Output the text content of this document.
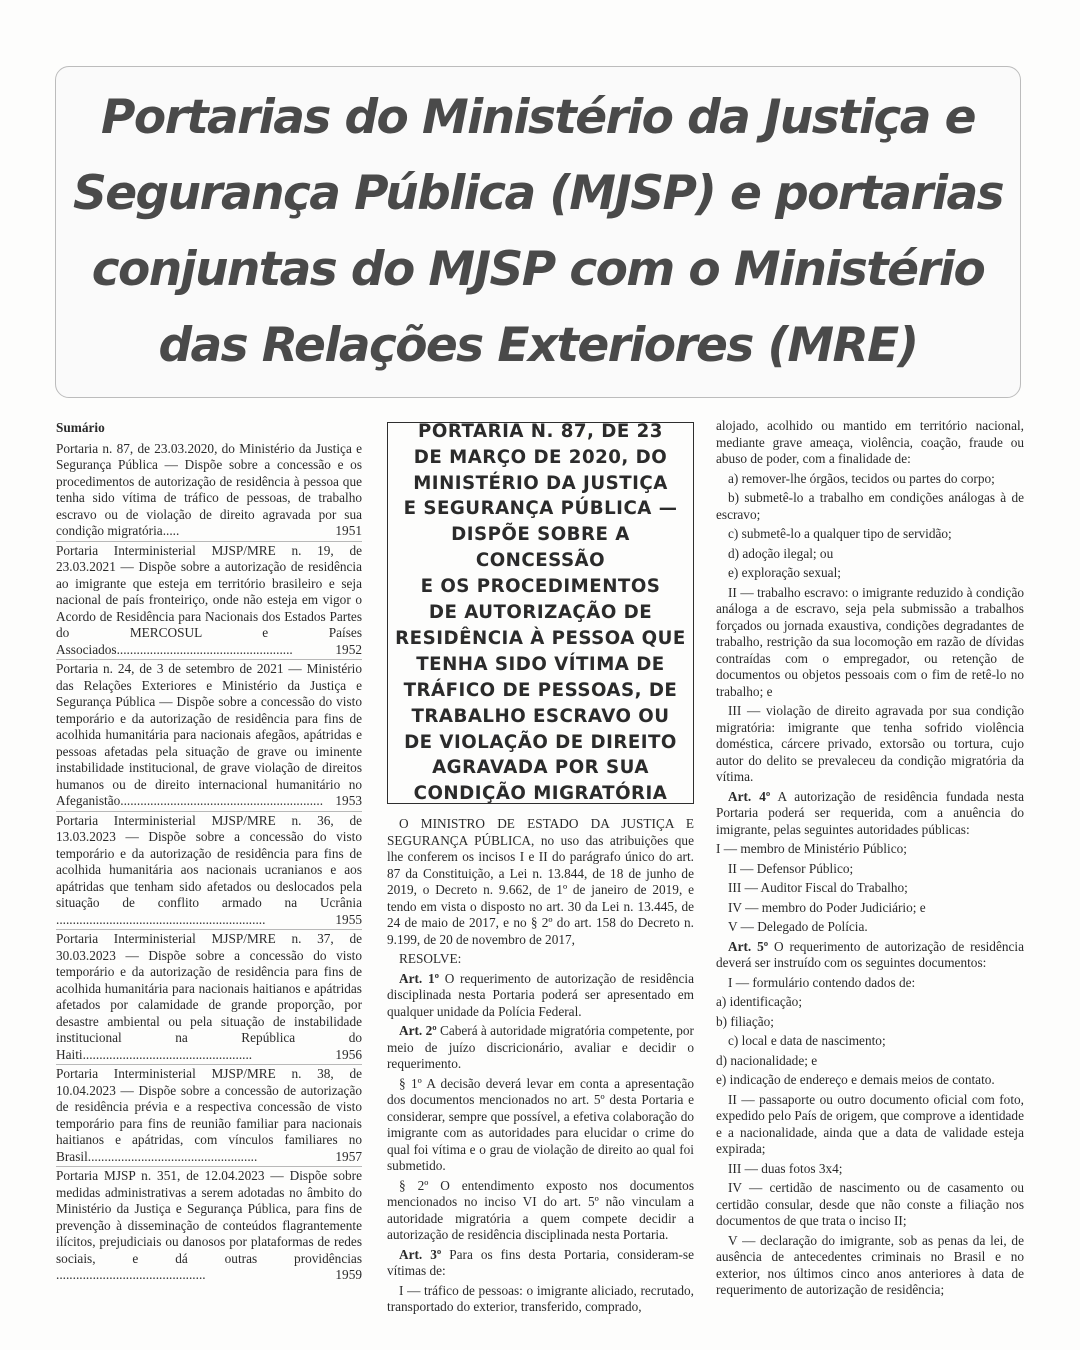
Portarias do Ministério da Justiça e
Segurança Pública (MJSP) e portarias
conjuntas do MJSP com o Ministério
das Relações Exteriores (MRE)
Sumário
Portaria n. 87, de 23.03.2020, do Ministério da Justiça e Segurança Pública — Dispõe sobre a concessão e os procedimentos de autorização de residência à pessoa que tenha sido vítima de tráfico de pessoas, de trabalho escravo ou de violação de direito agravada por sua condição migratória.....	1951
Portaria Interministerial MJSP/MRE n. 19, de 23.03.2021 — Dispõe sobre a autorização de residência ao imigrante que esteja em território brasileiro e seja nacional de país fronteiriço, onde não esteja em vigor o Acordo de Residência para Nacionais dos Estados Partes do MERCOSUL e Países Associados.....................................................	1952
Portaria n. 24, de 3 de setembro de 2021 — Ministério das Relações Exteriores e Ministério da Justiça e Segurança Pública — Dispõe sobre a concessão do visto temporário e da autorização de residência para fins de acolhida humanitária para nacionais afegãos, apátridas e pessoas afetadas pela situação de grave ou iminente instabilidade institucional, de grave violação de direitos humanos ou de direito internacional humanitário no Afeganistão............................................................. 1953
Portaria Interministerial MJSP/MRE n. 36, de 13.03.2023 — Dispõe sobre a concessão do visto temporário e da autorização de residência para fins de acolhida humanitária aos nacionais ucranianos e aos apátridas que tenham sido afetados ou deslocados pela situação de conflito armado na Ucrânia ...............................................................	1955
Portaria Interministerial MJSP/MRE n. 37, de 30.03.2023 — Dispõe sobre a concessão do visto temporário e da autorização de residência para fins de acolhida humanitária para nacionais haitianos e apátridas afetados por calamidade de grande proporção, por desastre ambiental ou pela situação de instabilidade institucional na República do Haiti...................................................	1956
Portaria Interministerial MJSP/MRE n. 38, de 10.04.2023 — Dispõe sobre a concessão de autorização de residência prévia e a respectiva concessão de visto temporário para fins de reunião familiar para nacionais haitianos e apátridas, com vínculos familiares no Brasil...................................................	1957
Portaria MJSP n. 351, de 12.04.2023 — Dispõe sobre medidas administrativas a serem adotadas no âmbito do Ministério da Justiça e Segurança Pública, para fins de prevenção à disseminação de conteúdos flagrantemente ilícitos, prejudiciais ou danosos por plataformas de redes sociais, e dá outras providências .............................................	1959
PORTARIA N. 87, DE 23
DE MARÇO DE 2020, DO
MINISTÉRIO DA JUSTIÇA
E SEGURANÇA PÚBLICA —
DISPÕE SOBRE A CONCESSÃO
E OS PROCEDIMENTOS
DE AUTORIZAÇÃO DE
RESIDÊNCIA À PESSOA QUE
TENHA SIDO VÍTIMA DE
TRÁFICO DE PESSOAS, DE
TRABALHO ESCRAVO OU
DE VIOLAÇÃO DE DIREITO
AGRAVADA POR SUA
CONDIÇÃO MIGRATÓRIA

O MINISTRO DE ESTADO DA JUSTIÇA E SEGURANÇA PÚBLICA, no uso das atribuições que lhe conferem os incisos I e II do parágrafo único do art. 87 da Constituição, a Lei n. 13.844, de 18 de junho de 2019, o Decreto n. 9.662, de 1º de janeiro de 2019, e tendo em vista o disposto no art. 30 da Lei n. 13.445, de 24 de maio de 2017, e no § 2º do art. 158 do Decreto n. 9.199, de 20 de novembro de 2017,

RESOLVE:

Art. 1º O requerimento de autorização de residência disciplinada nesta Portaria poderá ser apresentado em qualquer unidade da Polícia Federal.

Art. 2º Caberá à autoridade migratória competente, por meio de juízo discricionário, avaliar e decidir o requerimento.

§ 1º A decisão deverá levar em conta a apresentação dos documentos mencionados no art. 5º desta Portaria e considerar, sempre que possível, a efetiva colaboração do imigrante com as autoridades para elucidar o crime do qual foi vítima e o grau de violação de direito ao qual foi submetido.

§ 2º O entendimento exposto nos documentos mencionados no inciso VI do art. 5º não vinculam a autoridade migratória a quem compete decidir a autorização de residência disciplinada nesta Portaria.

Art. 3º Para os fins desta Portaria, consideram-se vítimas de:

I — tráfico de pessoas: o imigrante aliciado, recrutado, transportado do exterior, transferido, comprado,

alojado, acolhido ou mantido em território nacional, mediante grave ameaça, violência, coação, fraude ou abuso de poder, com a finalidade de:

a) remover-lhe órgãos, tecidos ou partes do corpo;

b) submetê-lo a trabalho em condições análogas à de escravo;

c) submetê-lo a qualquer tipo de servidão;

d) adoção ilegal; ou

e) exploração sexual;

II — trabalho escravo: o imigrante reduzido à condição análoga a de escravo, seja pela submissão a trabalhos forçados ou jornada exaustiva, condições degradantes de trabalho, restrição da sua locomoção em razão de dívidas contraídas com o empregador, ou retenção de documentos ou objetos pessoais com o fim de retê-lo no trabalho; e

III — violação de direito agravada por sua condição migratória: imigrante que tenha sofrido violência doméstica, cárcere privado, extorsão ou tortura, cujo autor do delito se prevaleceu da condição migratória da vítima.

Art. 4º A autorização de residência fundada nesta Portaria poderá ser requerida, com a anuência do imigrante, pelas seguintes autoridades públicas:

I — membro de Ministério Público;

II — Defensor Público;

III — Auditor Fiscal do Trabalho;

IV — membro do Poder Judiciário; e

V — Delegado de Polícia.

Art. 5º O requerimento de autorização de residência deverá ser instruído com os seguintes documentos:

I — formulário contendo dados de:

a) identificação;

b) filiação;

c) local e data de nascimento;

d) nacionalidade; e

e) indicação de endereço e demais meios de contato.

II — passaporte ou outro documento oficial com foto, expedido pelo País de origem, que comprove a identidade e a nacionalidade, ainda que a data de validade esteja expirada;

III — duas fotos 3x4;

IV — certidão de nascimento ou de casamento ou certidão consular, desde que não conste a filiação nos documentos de que trata o inciso II;

V — declaração do imigrante, sob as penas da lei, de ausência de antecedentes criminais no Brasil e no exterior, nos últimos cinco anos anteriores à data de requerimento de autorização de residência;
